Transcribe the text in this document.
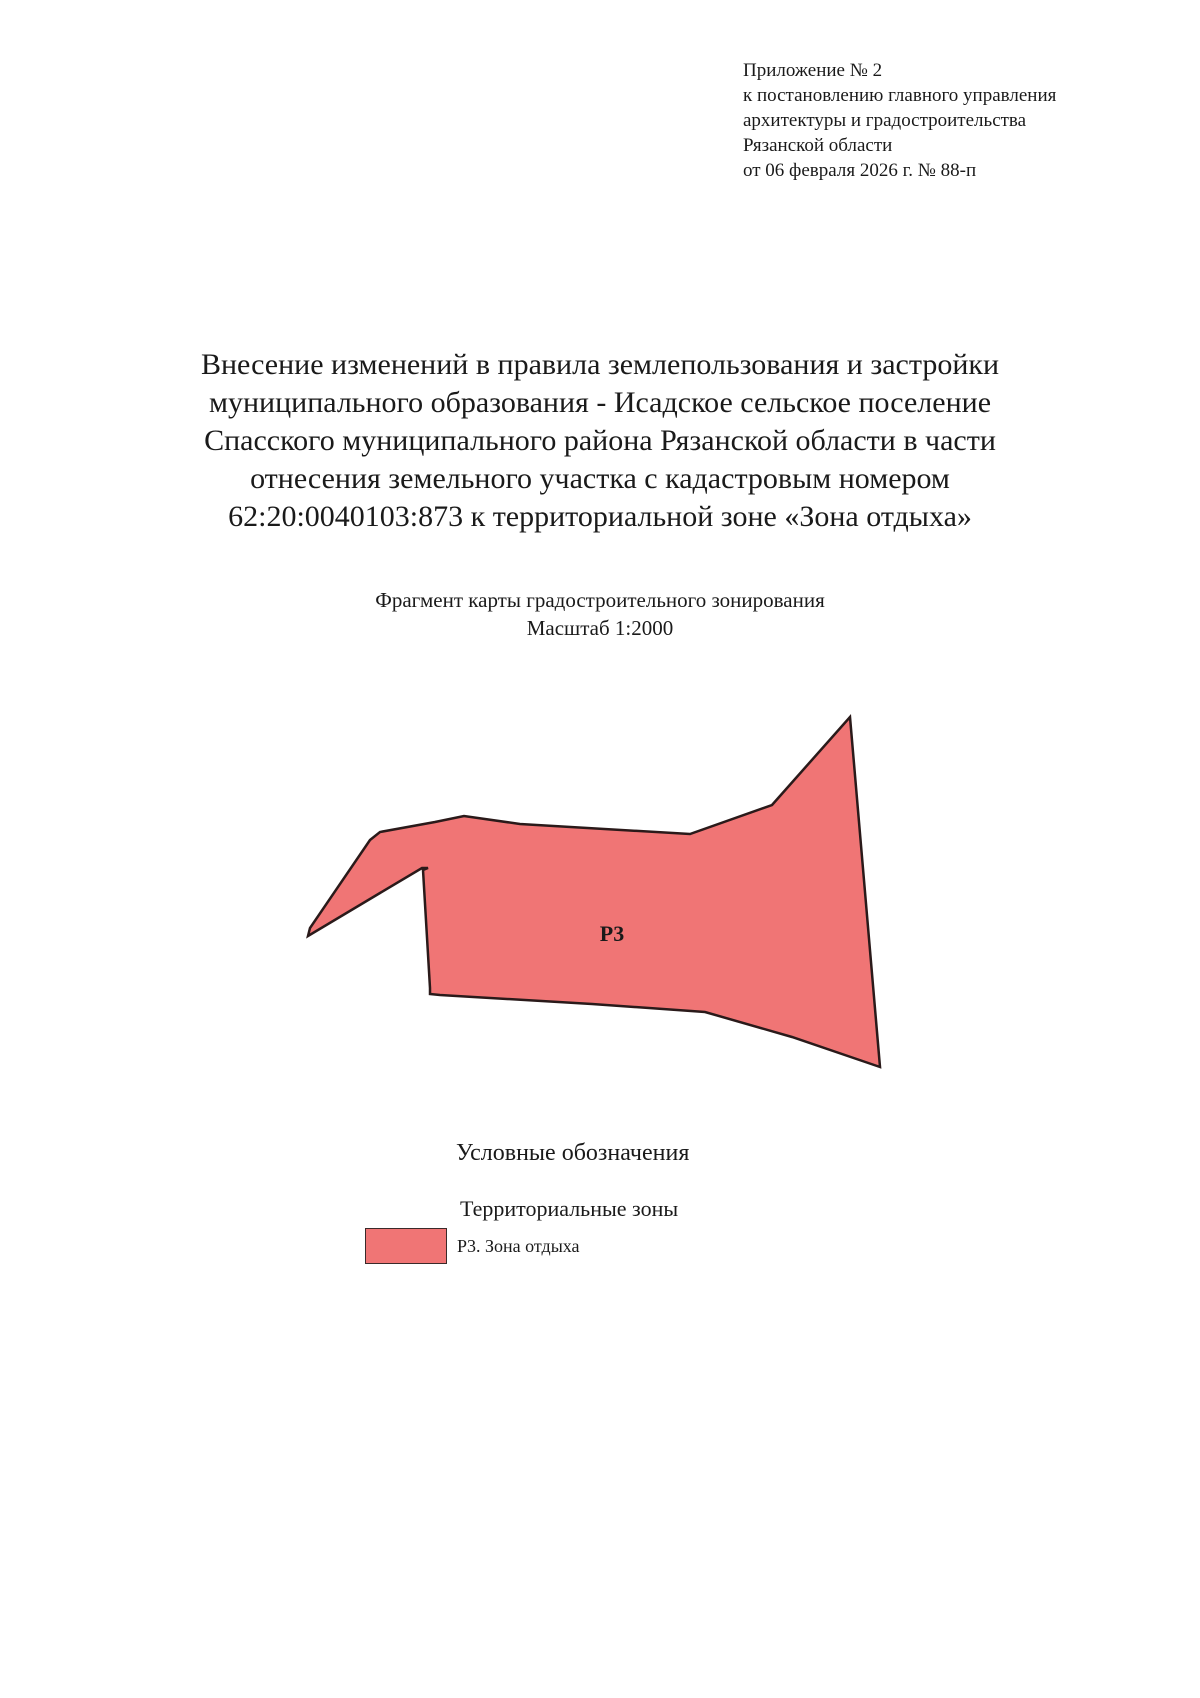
Приложение № 2
к постановлению главного управления
архитектуры и градостроительства
Рязанской области
от 06 февраля 2026 г. № 88-п
Внесение изменений в правила землепользования и застройки
муниципального образования - Исадское сельское поселение
Спасского муниципального района Рязанской области в части
отнесения земельного участка с кадастровым номером
62:20:0040103:873 к территориальной зоне «Зона отдыха»
Фрагмент карты градостроительного зонирования
Масштаб 1:2000
Р3
Условные обозначения
Территориальные зоны
Р3. Зона отдыха
